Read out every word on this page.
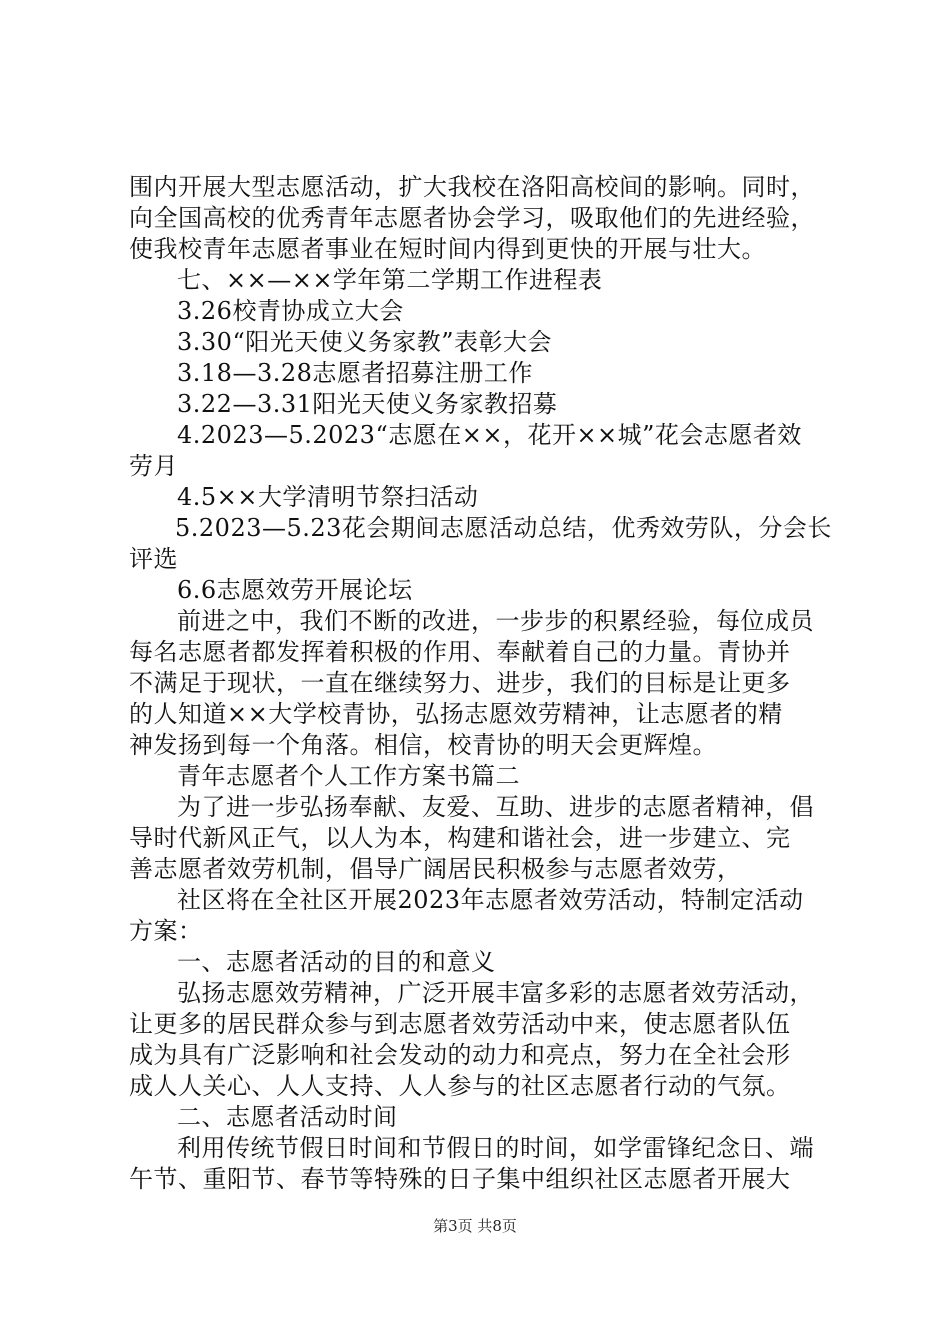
围内开展大型志愿活动，扩大我校在洛阳高校间的影响。同时，
向全国高校的优秀青年志愿者协会学习，吸取他们的先进经验，
使我校青年志愿者事业在短时间内得到更快的开展与壮大。
七、××—××学年第二学期工作进程表
3.26校青协成立大会
3.30“阳光天使义务家教”表彰大会
3.18—3.28志愿者招募注册工作
3.22—3.31阳光天使义务家教招募
4.2023—5.2023“志愿在××，花开××城”花会志愿者效
劳月
4.5××大学清明节祭扫活动
5.2023—5.23花会期间志愿活动总结，优秀效劳队，分会长
评选
6.6志愿效劳开展论坛
前进之中，我们不断的改进，一步步的积累经验，每位成员
每名志愿者都发挥着积极的作用、奉献着自己的力量。青协并
不满足于现状，一直在继续努力、进步，我们的目标是让更多
的人知道××大学校青协，弘扬志愿效劳精神，让志愿者的精
神发扬到每一个角落。相信，校青协的明天会更辉煌。
青年志愿者个人工作方案书篇二
为了进一步弘扬奉献、友爱、互助、进步的志愿者精神，倡
导时代新风正气，以人为本，构建和谐社会，进一步建立、完
善志愿者效劳机制，倡导广阔居民积极参与志愿者效劳，
社区将在全社区开展2023年志愿者效劳活动，特制定活动
方案：
一、志愿者活动的目的和意义
弘扬志愿效劳精神，广泛开展丰富多彩的志愿者效劳活动，
让更多的居民群众参与到志愿者效劳活动中来，使志愿者队伍
成为具有广泛影响和社会发动的动力和亮点，努力在全社会形
成人人关心、人人支持、人人参与的社区志愿者行动的气氛。
二、志愿者活动时间
利用传统节假日时间和节假日的时间，如学雷锋纪念日、端
午节、重阳节、春节等特殊的日子集中组织社区志愿者开展大
第3页 共8页
